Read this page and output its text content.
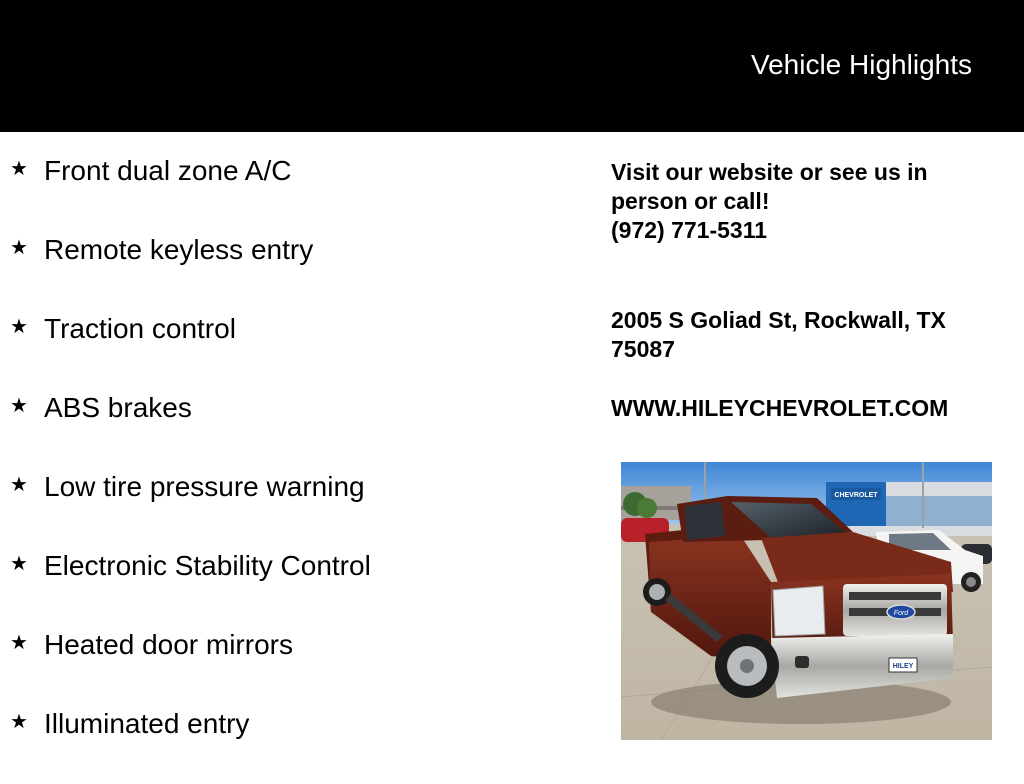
Vehicle Highlights
★ Front dual zone A/C
★ Remote keyless entry
★ Traction control
★ ABS brakes
★ Low tire pressure warning
★ Electronic Stability Control
★ Heated door mirrors
★ Illuminated entry
Visit our website or see us in person or call!
(972) 771-5311
2005 S Goliad St, Rockwall, TX 75087
WWW.HILEYCHEVROLET.COM
CHEVROLET
Ford
HILEY
